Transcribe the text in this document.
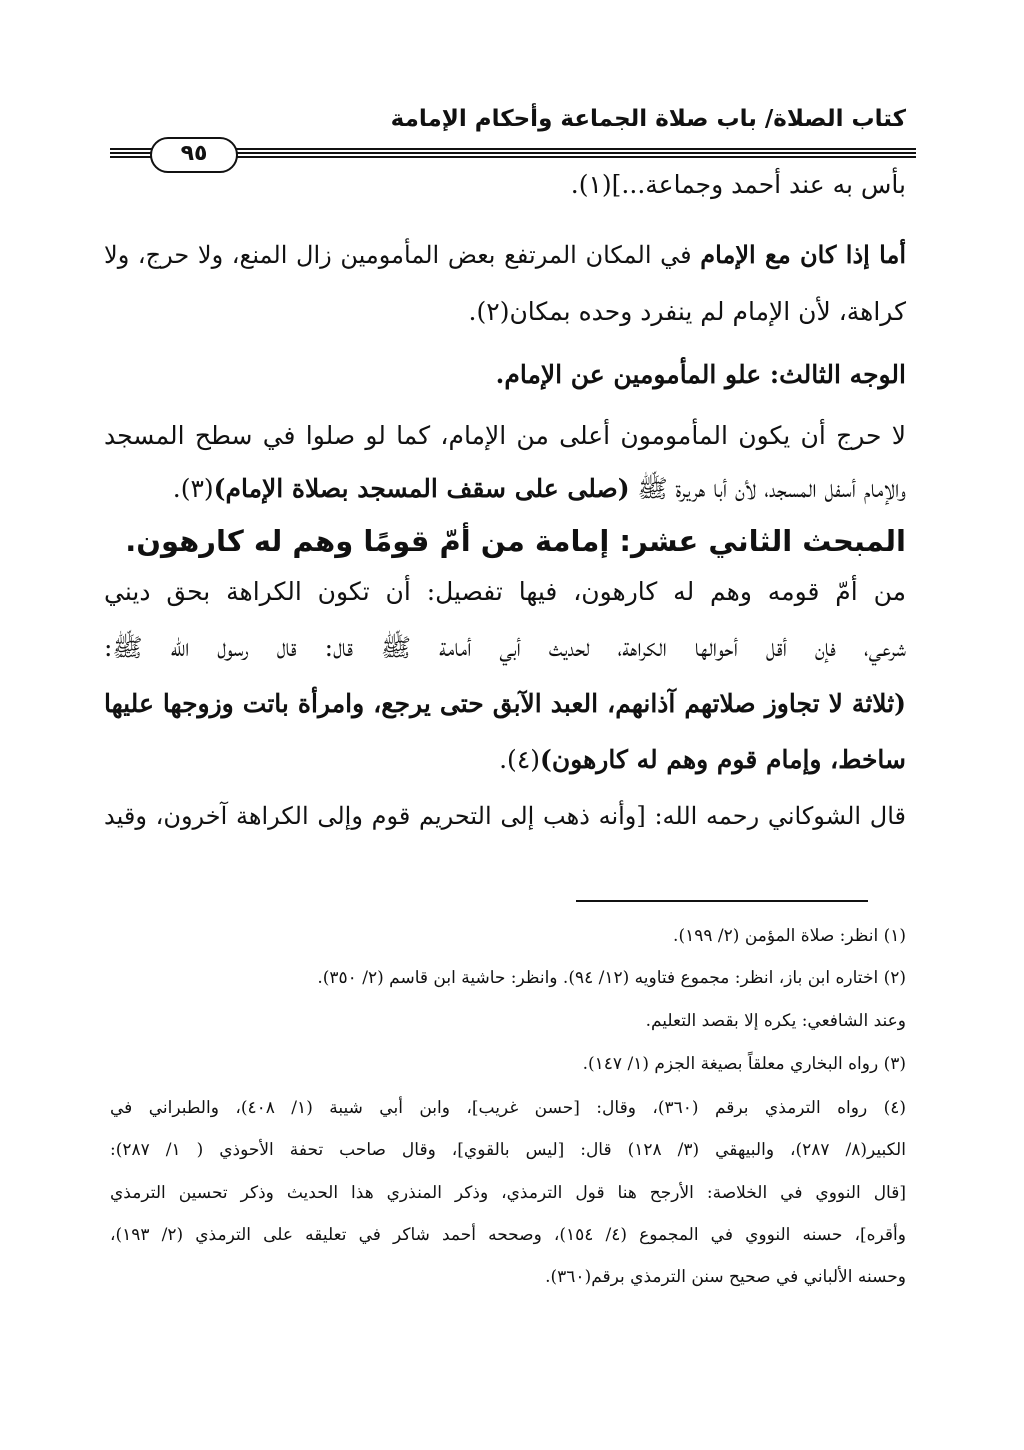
كتاب الصلاة/ باب صلاة الجماعة وأحكام الإمامة
٩٥
بأس به عند أحمد وجماعة...](١).
أما إذا كان مع الإمام في المكان المرتفع بعض المأمومين زال المنع، ولا حرج، ولا
كراهة، لأن الإمام لم ينفرد وحده بمكان(٢).
الوجه الثالث: علو المأمومين عن الإمام.
لا حرج أن يكون المأمومون أعلى من الإمام، كما لو صلوا في سطح المسجد
والإمام أسفل المسجد، لأن أبا هريرة ﷺ (صلى على سقف المسجد بصلاة الإمام)(٣).
المبحث الثاني عشر: إمامة من أمّ قومًا وهم له كارهون.
من أمّ قومه وهم له كارهون، فيها تفصيل: أن تكون الكراهة بحق ديني
شرعي، فإن أقل أحوالها الكراهة، لحديث أبي أمامة ﷺ قال: قال رسول الله ﷺ:
(ثلاثة لا تجاوز صلاتهم آذانهم، العبد الآبق حتى يرجع، وامرأة باتت وزوجها عليها
ساخط، وإمام قوم وهم له كارهون)(٤).
قال الشوكاني رحمه الله: [وأنه ذهب إلى التحريم قوم وإلى الكراهة آخرون، وقيد
(١) انظر: صلاة المؤمن (٢/ ١٩٩).
(٢) اختاره ابن باز، انظر: مجموع فتاويه (١٢/ ٩٤). وانظر: حاشية ابن قاسم (٢/ ٣٥٠).
وعند الشافعي: يكره إلا بقصد التعليم.
(٣) رواه البخاري معلقاً بصيغة الجزم (١/ ١٤٧).
(٤) رواه الترمذي برقم (٣٦٠)، وقال: [حسن غريب]، وابن أبي شيبة (١/ ٤٠٨)، والطبراني في
الكبير(٨/ ٢٨٧)، والبيهقي (٣/ ١٢٨) قال: [ليس بالقوي]، وقال صاحب تحفة الأحوذي ( ١/ ٢٨٧):
[قال النووي في الخلاصة: الأرجح هنا قول الترمذي، وذكر المنذري هذا الحديث وذكر تحسين الترمذي
وأقره]، حسنه النووي في المجموع (٤/ ١٥٤)، وصححه أحمد شاكر في تعليقه على الترمذي (٢/ ١٩٣)،
وحسنه الألباني في صحيح سنن الترمذي برقم(٣٦٠).
